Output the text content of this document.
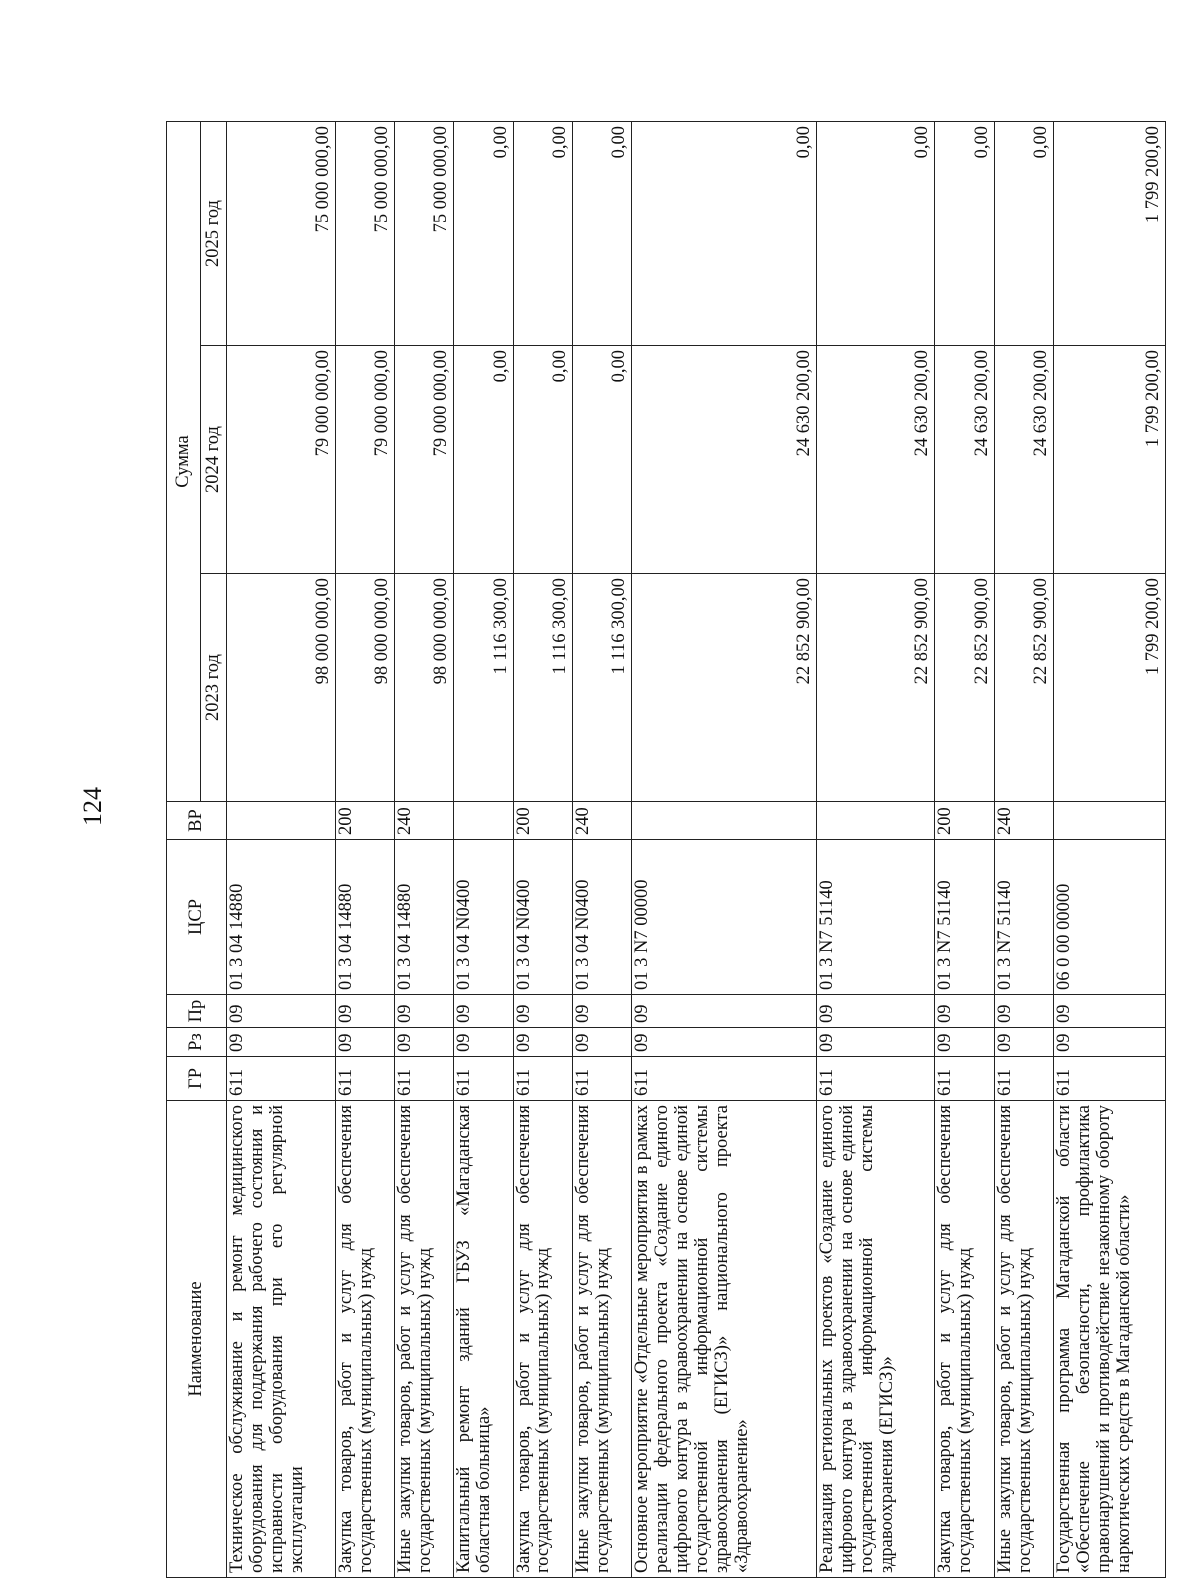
124
Наименование	ГР	Рз	Пр	ЦСР	ВР	Сумма		
						2023 год	2024 год	2025 год
Техническое обслуживание и ремонт медицинского оборудования для поддержания рабочего состояния и исправности оборудования при его регулярной эксплуатации	611	09	09	01 3 04 14880		98 000 000,00	79 000 000,00	75 000 000,00
Закупка товаров, работ и услуг для обеспечения государственных (муниципальных) нужд	611	09	09	01 3 04 14880	200	98 000 000,00	79 000 000,00	75 000 000,00
Иные закупки товаров, работ и услуг для обеспечения государственных (муниципальных) нужд	611	09	09	01 3 04 14880	240	98 000 000,00	79 000 000,00	75 000 000,00
Капитальный ремонт зданий ГБУЗ «Магаданская областная больница»	611	09	09	01 3 04 N0400		1 116 300,00	0,00	0,00
Закупка товаров, работ и услуг для обеспечения государственных (муниципальных) нужд	611	09	09	01 3 04 N0400	200	1 116 300,00	0,00	0,00
Иные закупки товаров, работ и услуг для обеспечения государственных (муниципальных) нужд	611	09	09	01 3 04 N0400	240	1 116 300,00	0,00	0,00
Основное мероприятие «Отдельные мероприятия в рамках реализации федерального проекта «Создание единого цифрового контура в здравоохранении на основе единой государственной информационной системы здравоохранения (ЕГИСЗ)» национального проекта «Здравоохранение»	611	09	09	01 3 N7 00000		22 852 900,00	24 630 200,00	0,00
Реализация региональных проектов «Создание единого цифрового контура в здравоохранении на основе единой государственной информационной системы здравоохранения (ЕГИСЗ)»	611	09	09	01 3 N7 51140		22 852 900,00	24 630 200,00	0,00
Закупка товаров, работ и услуг для обеспечения государственных (муниципальных) нужд	611	09	09	01 3 N7 51140	200	22 852 900,00	24 630 200,00	0,00
Иные закупки товаров, работ и услуг для обеспечения государственных (муниципальных) нужд	611	09	09	01 3 N7 51140	240	22 852 900,00	24 630 200,00	0,00
Государственная программа Магаданской области «Обеспечение безопасности, профилактика правонарушений и противодействие незаконному обороту наркотических средств в Магаданской области»	611	09	09	06 0 00 00000		1 799 200,00	1 799 200,00	1 799 200,00
